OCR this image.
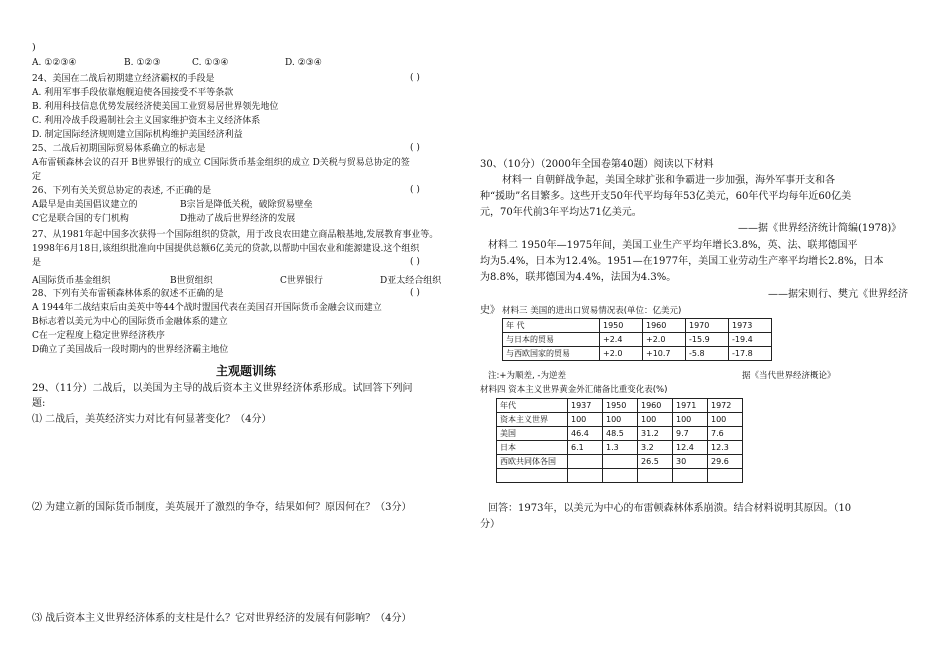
)
A. ①②③④	B. ①②③	C. ①③④	D. ②③④
24、美国在二战后初期建立经济霸权的手段是	( )
A. 利用军事手段依靠炮舰迫使各国接受不平等条款
B. 利用科技信息优势发展经济使美国工业贸易居世界领先地位
C. 利用冷战手段遏制社会主义国家维护资本主义经济体系
D. 制定国际经济规则建立国际机构维护美国经济利益
25、二战后初期国际贸易体系确立的标志是	( )
A布雷顿森林会议的召开 B世界银行的成立 C国际货币基金组织的成立 D关税与贸易总协定的签
定
26、下列有关关贸总协定的表述, 不正确的是	( )
A最早是由美国倡议建立的	B宗旨是降低关税，破除贸易壁垒
C它是联合国的专门机构	D推动了战后世界经济的发展
27、从1981年起中国多次获得一个国际组织的贷款，用于改良农田建立商品粮基地,发展教育事业等。
1998年6月18日,该组织批准向中国提供总额6亿美元的贷款,以帮助中国农业和能源建设.这个组织
是	( )
A国际货币基金组织	B世贸组织	C世界银行	D亚太经合组织
28、下列有关布雷顿森林体系的叙述不正确的是	( )
A 1944年二战结束后由美英中等44个战时盟国代表在美国召开国际货币金融会议而建立
B标志着以美元为中心的国际货币金融体系的建立
C在一定程度上稳定世界经济秩序
D确立了美国战后一段时期内的世界经济霸主地位
主观题训练
29、（11分）二战后，以美国为主导的战后资本主义世界经济体系形成。试回答下列问
题:
⑴ 二战后，美英经济实力对比有何显著变化？（4分）
⑵ 为建立新的国际货币制度，美英展开了激烈的争夺，结果如何？原因何在？（3分）
⑶ 战后资本主义世界经济体系的支柱是什么？它对世界经济的发展有何影响？（4分）
30、（10分）（2000年全国卷第40题）阅读以下材料
材料一 自朝鲜战争起，美国全球扩张和争霸进一步加强，海外军事开支和各
种“援助”名目繁多。这些开支50年代平均每年53亿美元，60年代平均每年近60亿美
元，70年代前3年平均达71亿美元。
——据《世界经济统计简编(1978)》
材料二 1950年—1975年间，美国工业生产平均年增长3.8%，英、法、联邦德国平
均为5.4%，日本为12.4%。1951—在1977年，美国工业劳动生产率平均增长2.8%，日本
为8.8%，联邦德国为4.4%，法国为4.3%。
——据宋则行、樊亢《世界经济
史》 材料三 美国的进出口贸易情况表(单位：亿美元)
年 代	1950	1960	1970	1973
与日本的贸易	+2.4	+2.0	-15.9	-19.4
与西欧国家的贸易	+2.0	+10.7	-5.8	-17.8
注:+为顺差, -为逆差	据《当代世界经济概论》
材料四 资本主义世界黄金外汇储备比重变化表(%)
年代	1937	1950	1960	1971	1972
资本主义世界	100	100	100	100	100
美国	46.4	48.5	31.2	9.7	7.6
日本	6.1	1.3	3.2	12.4	12.3
西欧共同体各国			26.5	30	29.6

回答：1973年，以美元为中心的布雷顿森林体系崩溃。结合材料说明其原因。（10
分）
